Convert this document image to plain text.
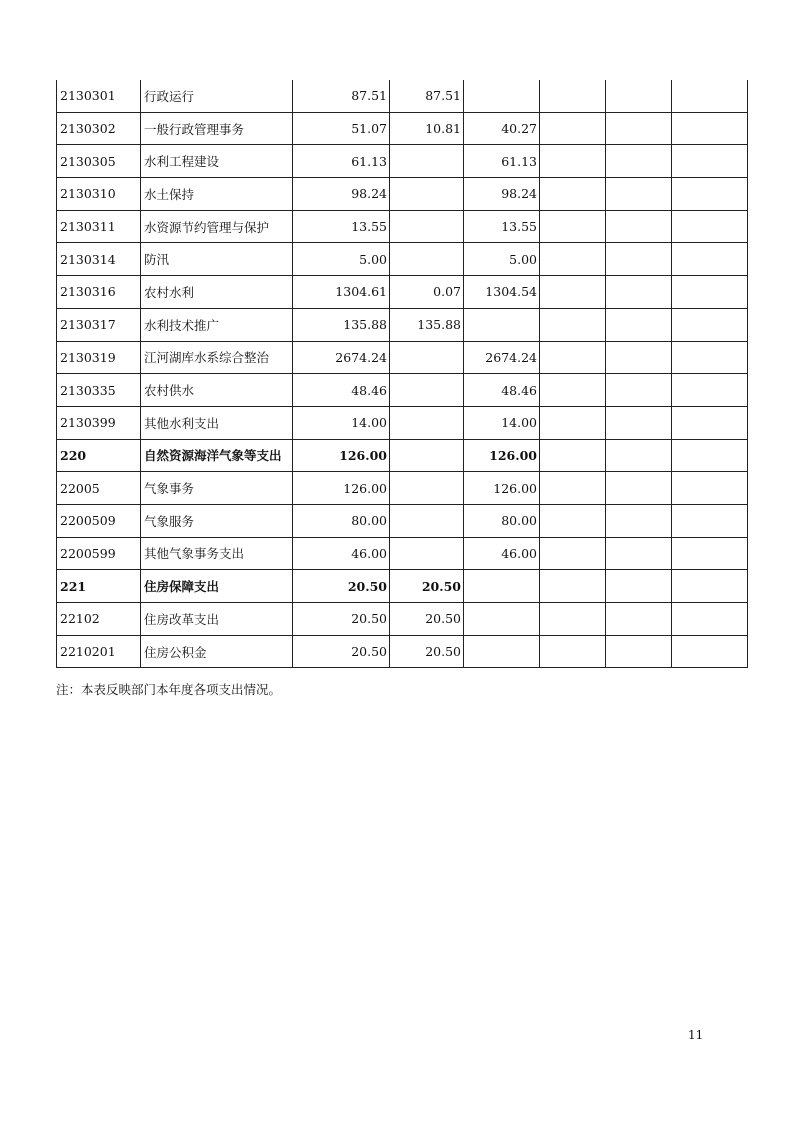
2130301	行政运行	87.51	87.51				
2130302	一般行政管理事务	51.07	10.81	40.27			
2130305	水利工程建设	61.13		61.13			
2130310	水土保持	98.24		98.24			
2130311	水资源节约管理与保护	13.55		13.55			
2130314	防汛	5.00		5.00			
2130316	农村水利	1304.61	0.07	1304.54			
2130317	水利技术推广	135.88	135.88				
2130319	江河湖库水系综合整治	2674.24		2674.24			
2130335	农村供水	48.46		48.46			
2130399	其他水利支出	14.00		14.00			
220	自然资源海洋气象等支出	126.00		126.00			
22005	气象事务	126.00		126.00			
2200509	气象服务	80.00		80.00			
2200599	其他气象事务支出	46.00		46.00			
221	住房保障支出	20.50	20.50				
22102	住房改革支出	20.50	20.50				
2210201	住房公积金	20.50	20.50				
注：本表反映部门本年度各项支出情况。
11
